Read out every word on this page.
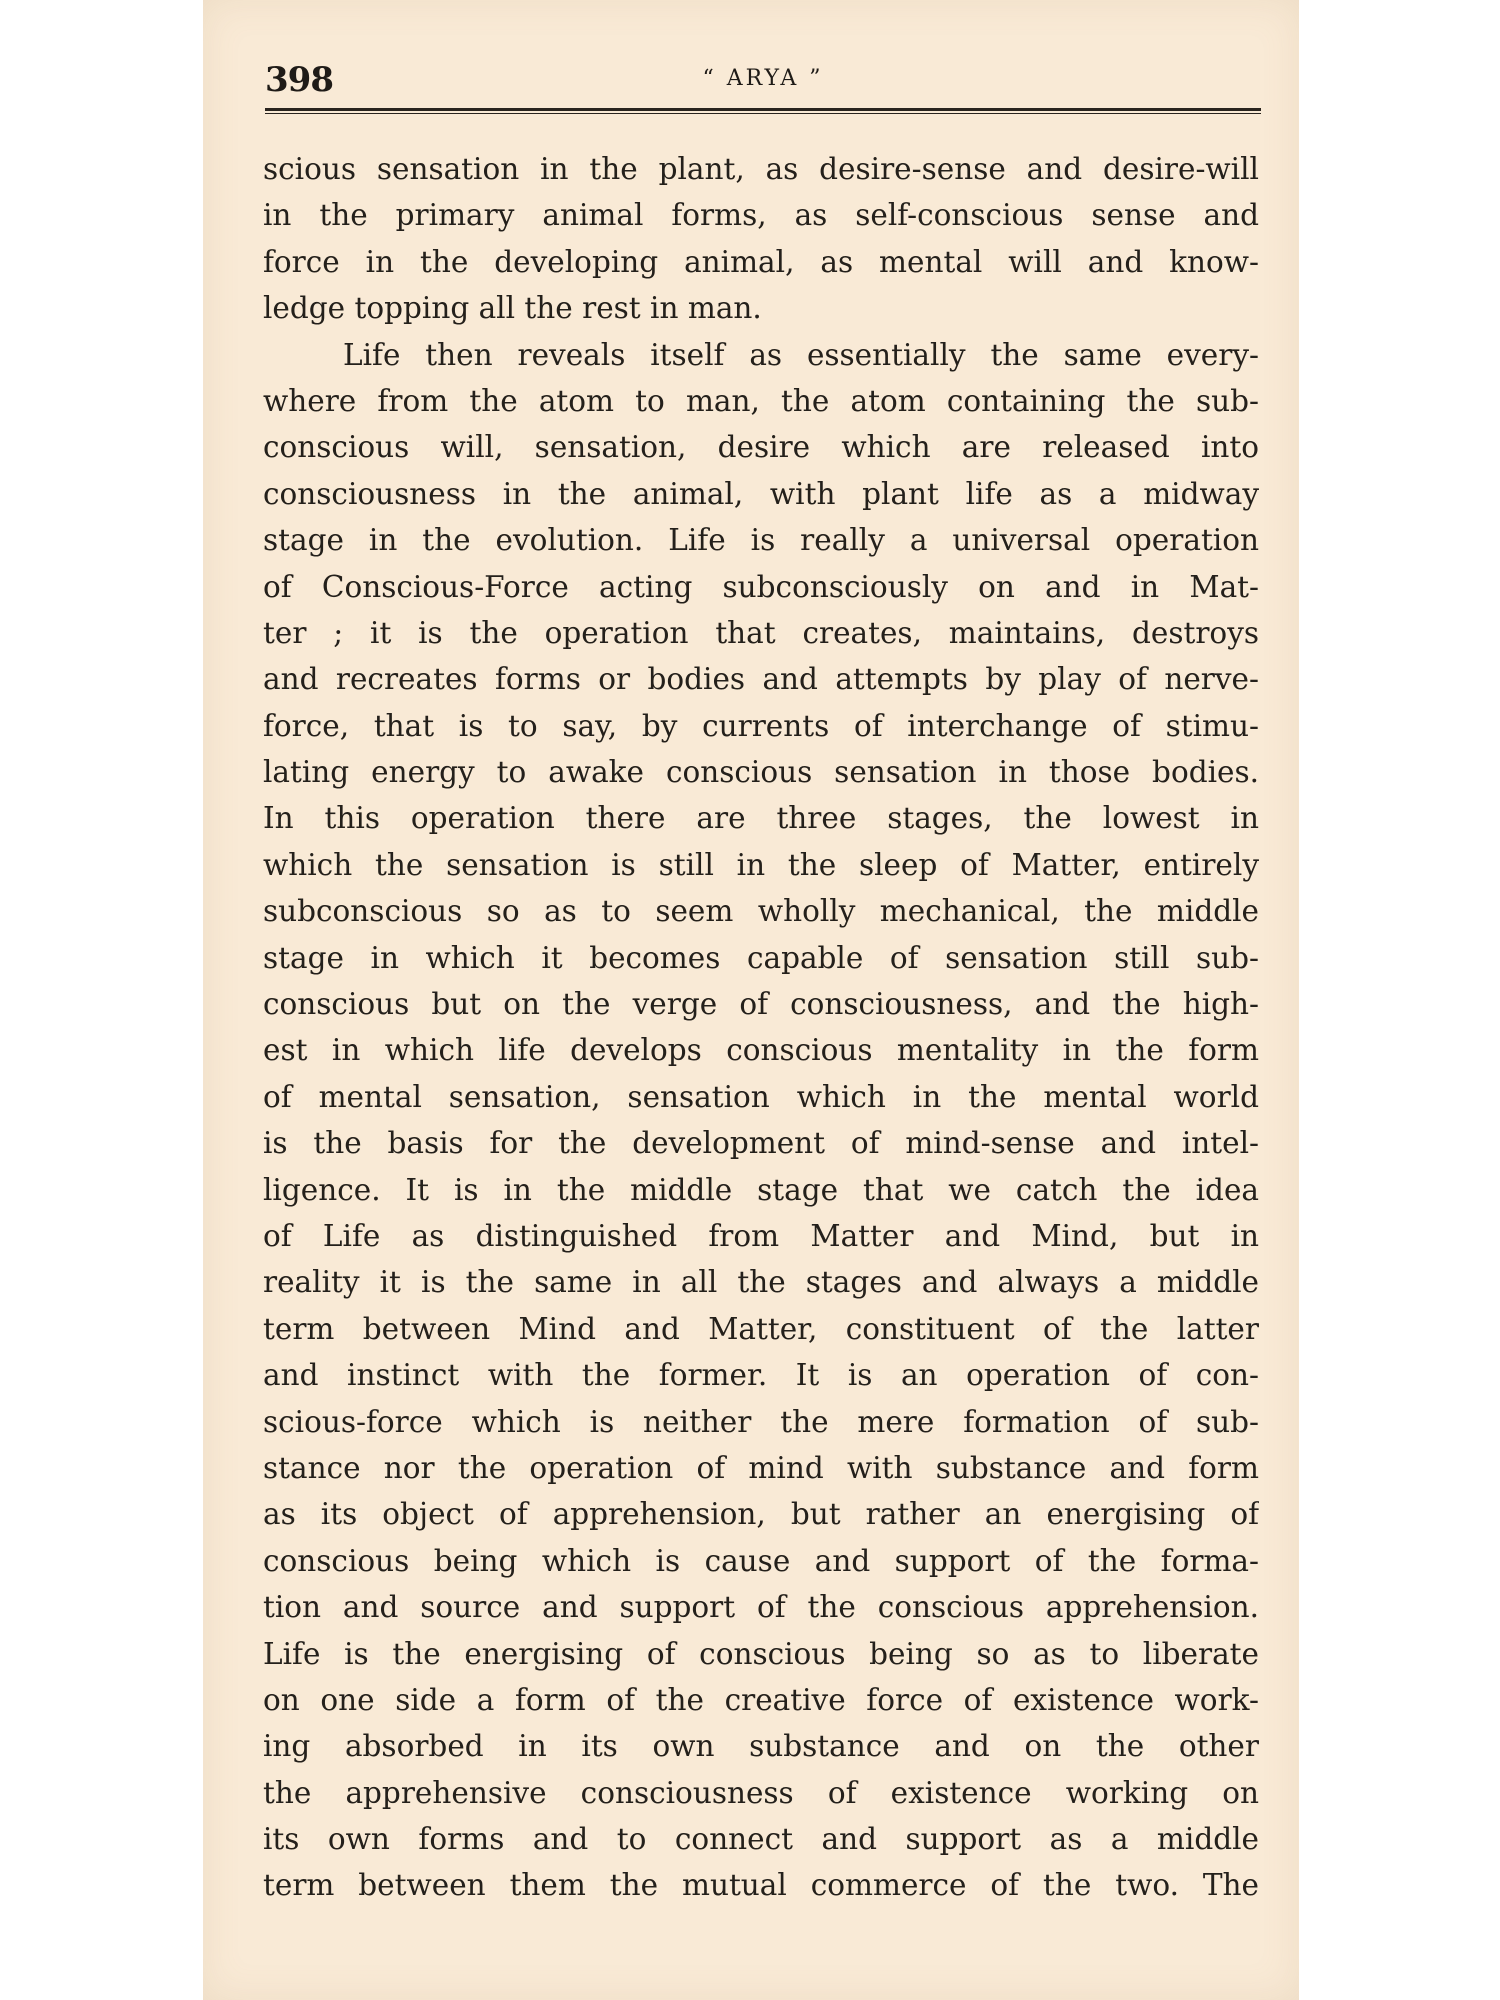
398	“ ARYA ”
scious sensation in the plant, as desire-sense and desire-will
in the primary animal forms, as self-conscious sense and
force in the developing animal, as mental will and know-
ledge topping all the rest in man.
Life then reveals itself as essentially the same every-
where from the atom to man, the atom containing the sub-
conscious will, sensation, desire which are released into
consciousness in the animal, with plant life as a midway
stage in the evolution. Life is really a universal operation
of Conscious-Force acting subconsciously on and in Mat-
ter ; it is the operation that creates, maintains, destroys
and recreates forms or bodies and attempts by play of nerve-
force, that is to say, by currents of interchange of stimu-
lating energy to awake conscious sensation in those bodies.
In this operation there are three stages, the lowest in
which the sensation is still in the sleep of Matter, entirely
subconscious so as to seem wholly mechanical, the middle
stage in which it becomes capable of sensation still sub-
conscious but on the verge of consciousness, and the high-
est in which life develops conscious mentality in the form
of mental sensation, sensation which in the mental world
is the basis for the development of mind-sense and intel-
ligence. It is in the middle stage that we catch the idea
of Life as distinguished from Matter and Mind, but in
reality it is the same in all the stages and always a middle
term between Mind and Matter, constituent of the latter
and instinct with the former. It is an operation of con-
scious-force which is neither the mere formation of sub-
stance nor the operation of mind with substance and form
as its object of apprehension, but rather an energising of
conscious being which is cause and support of the forma-
tion and source and support of the conscious apprehension.
Life is the energising of conscious being so as to liberate
on one side a form of the creative force of existence work-
ing absorbed in its own substance and on the other
the apprehensive consciousness of existence working on
its own forms and to connect and support as a middle
term between them the mutual commerce of the two. The
